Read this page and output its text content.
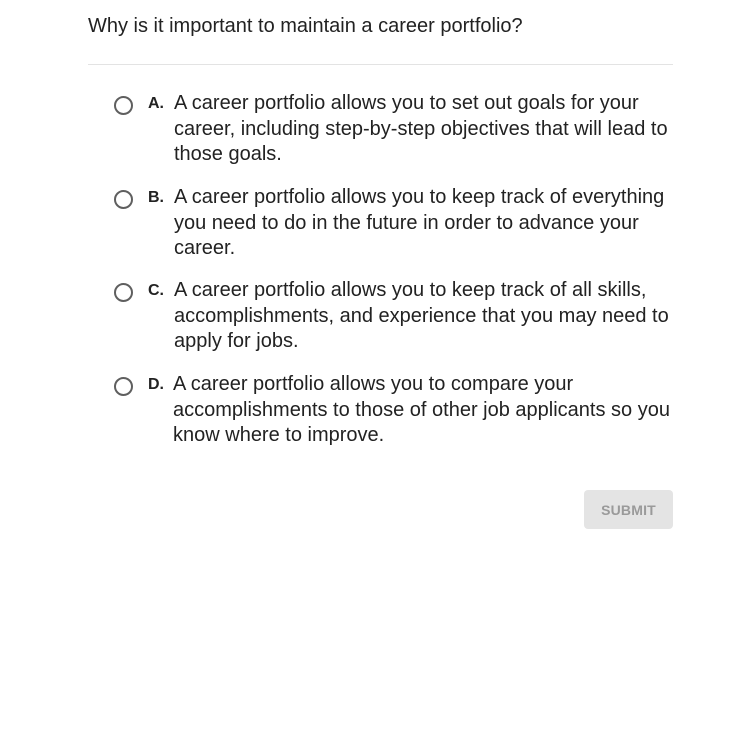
Why is it important to maintain a career portfolio?
A. A career portfolio allows you to set out goals for your career, including step-by-step objectives that will lead to those goals.
B. A career portfolio allows you to keep track of everything you need to do in the future in order to advance your career.
C. A career portfolio allows you to keep track of all skills, accomplishments, and experience that you may need to apply for jobs.
D. A career portfolio allows you to compare your accomplishments to those of other job applicants so you know where to improve.
SUBMIT
